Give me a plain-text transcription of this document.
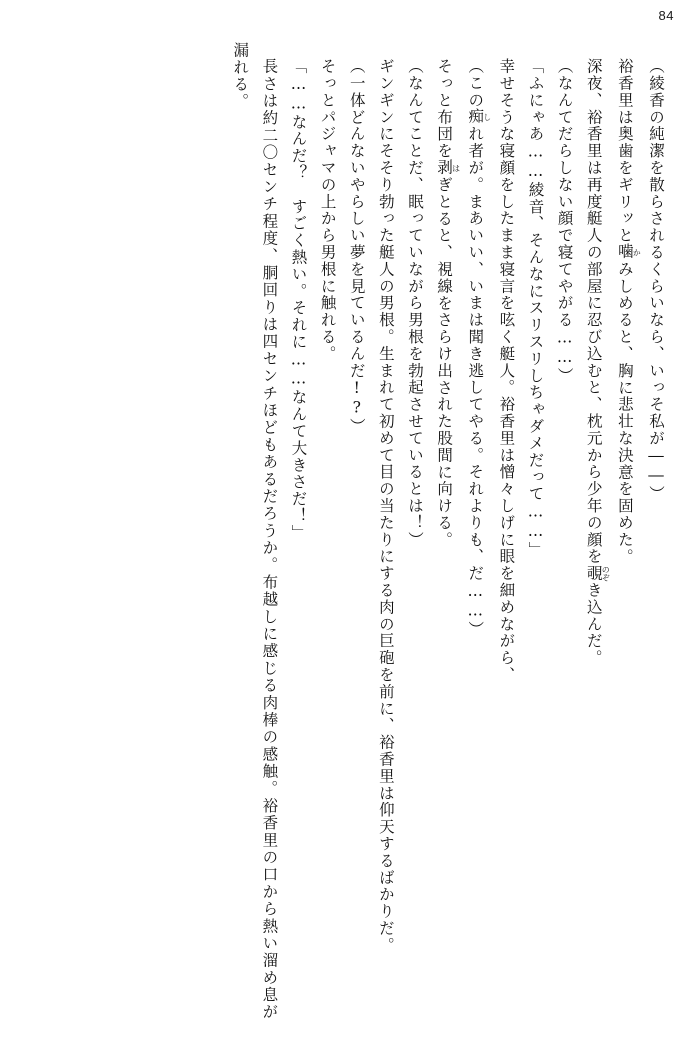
84

（綾香の純潔を散らされるくらいなら、いっそ私が――）

裕香里は奥歯をギリッと噛かみしめると、胸に悲壮な決意を固めた。

深夜、裕香里は再度艇人の部屋に忍び込むと、枕元から少年の顔を覗のぞき込んだ。

（なんてだらしない顔で寝てやがる……）

「ふにゃあ……綾音、そんなにスリスリしちゃダメだって……」

幸せそうな寝顔をしたまま寝言を呟く艇人。裕香里は憎々しげに眼を細めながら、

（この痴しれ者が。まあいい、いまは聞き逃してやる。それよりも、だ……）

そっと布団を剥はぎとると、視線をさらけ出された股間に向ける。

（なんてことだ、眠っていながら男根を勃起させているとは！）

ギンギンにそそり勃った艇人の男根。生まれて初めて目の当たりにする肉の巨砲を前に、裕香里は仰天するばかりだ。

（一体どんないやらしい夢を見ているんだ!?）

そっとパジャマの上から男根に触れる。

「……なんだ？　すごく熱い。それに……なんて大きさだ！」

長さは約二〇センチ程度、胴回りは四センチほどもあるだろうか。布越しに感じる肉棒の感触。裕香里の口から熱い溜め息が漏れる。
